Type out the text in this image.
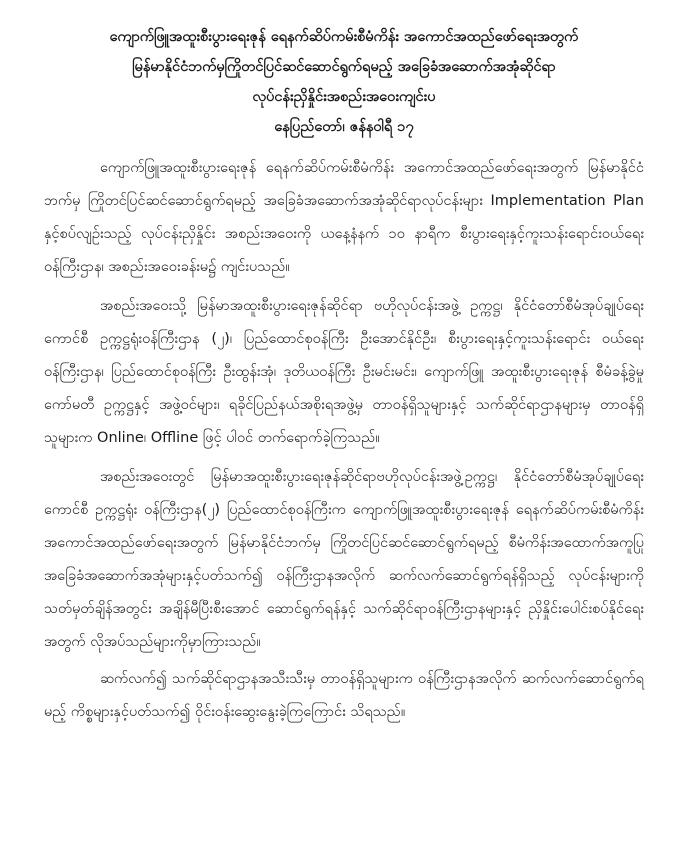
ကျောက်ဖြူအထူးစီးပွားရေးဇုန် ရေနက်ဆိပ်ကမ်းစီမံကိန်း အကောင်အထည်ဖော်ရေးအတွက်
မြန်မာနိုင်ငံဘက်မှကြိုတင်ပြင်ဆင်ဆောင်ရွက်ရမည့် အခြေခံအဆောက်အအုံဆိုင်ရာ
လုပ်ငန်းညှိနှိုင်းအစည်းအဝေးကျင်းပ
နေပြည်တော်၊ ဇန်နဝါရီ ၁၇

ကျောက်ဖြူအထူးစီးပွားရေးဇုန် ရေနက်ဆိပ်ကမ်းစီမံကိန်း အကောင်အထည်ဖော်ရေးအတွက် မြန်မာနိုင်ငံဘက်မှ ကြိုတင်ပြင်ဆင်ဆောင်ရွက်ရမည့် အခြေခံအဆောက်အအုံဆိုင်ရာလုပ်ငန်းများ Implementation Plan နှင့်စပ်လျဉ်းသည့် လုပ်ငန်းညှိနှိုင်း အစည်းအဝေးကို ယနေ့နံနက် ၁၀ နာရီက စီးပွားရေးနှင့်ကူးသန်းရောင်းဝယ်ရေးဝန်ကြီးဌာန၊ အစည်းအဝေးခန်းမ၌ ကျင်းပသည်။

အစည်းအဝေးသို့ မြန်မာအထူးစီးပွားရေးဇုန်ဆိုင်ရာ ဗဟိုလုပ်ငန်းအဖွဲ့ ဥက္ကဋ္ဌ၊ နိုင်ငံတော်စီမံအုပ်ချုပ်ရေးကောင်စီ ဥက္ကဋ္ဌရုံးဝန်ကြီးဌာန (၂)၊ ပြည်ထောင်စုဝန်ကြီး ဦးအောင်နိုင်ဦး၊ စီးပွားရေးနှင့်ကူးသန်းရောင်း ဝယ်ရေးဝန်ကြီးဌာန၊ ပြည်ထောင်စုဝန်ကြီး ဦးထွန်းအုံ၊ ဒုတိယဝန်ကြီး ဦးမင်းမင်း၊ ကျောက်ဖြူ အထူးစီးပွားရေးဇုန် စီမံခန့်ခွဲမှုကော်မတီ ဥက္ကဋ္ဌနှင့် အဖွဲ့ဝင်များ၊ ရခိုင်ပြည်နယ်အစိုးရအဖွဲ့မှ တာဝန်ရှိသူများနှင့် သက်ဆိုင်ရာဌာနများမှ တာဝန်ရှိသူများက Online၊ Offline ဖြင့် ပါဝင် တက်ရောက်ခဲ့ကြသည်။

အစည်းအဝေးတွင် မြန်မာအထူးစီးပွားရေးဇုန်ဆိုင်ရာဗဟိုလုပ်ငန်းအဖွဲ့ဥက္ကဋ္ဌ၊ နိုင်ငံတော်စီမံအုပ်ချုပ်ရေးကောင်စီ ဥက္ကဋ္ဌရုံး ဝန်ကြီးဌာန(၂) ပြည်ထောင်စုဝန်ကြီးက ကျောက်ဖြူအထူးစီးပွားရေးဇုန် ရေနက်ဆိပ်ကမ်းစီမံကိန်း အကောင်အထည်ဖော်ရေးအတွက် မြန်မာနိုင်ငံဘက်မှ ကြိုတင်ပြင်ဆင်ဆောင်ရွက်ရမည့် စီမံကိန်းအထောက်အကူပြု အခြေခံအဆောက်အအုံများနှင့်ပတ်သက်၍ ဝန်ကြီးဌာနအလိုက် ဆက်လက်ဆောင်ရွက်ရန်ရှိသည့် လုပ်ငန်းများကို သတ်မှတ်ချိန်အတွင်း အချိန်မီပြီးစီးအောင် ဆောင်ရွက်ရန်နှင့် သက်ဆိုင်ရာဝန်ကြီးဌာနများနှင့် ညှိနှိုင်းပေါင်းစပ်နိုင်ရေးအတွက် လိုအပ်သည်များကိုမှာကြားသည်။

ဆက်လက်၍ သက်ဆိုင်ရာဌာနအသီးသီးမှ တာဝန်ရှိသူများက ဝန်ကြီးဌာနအလိုက် ဆက်လက်ဆောင်ရွက်ရမည့် ကိစ္စများနှင့်ပတ်သက်၍ ဝိုင်းဝန်းဆွေးနွေးခဲ့ကြကြောင်း သိရသည်။
